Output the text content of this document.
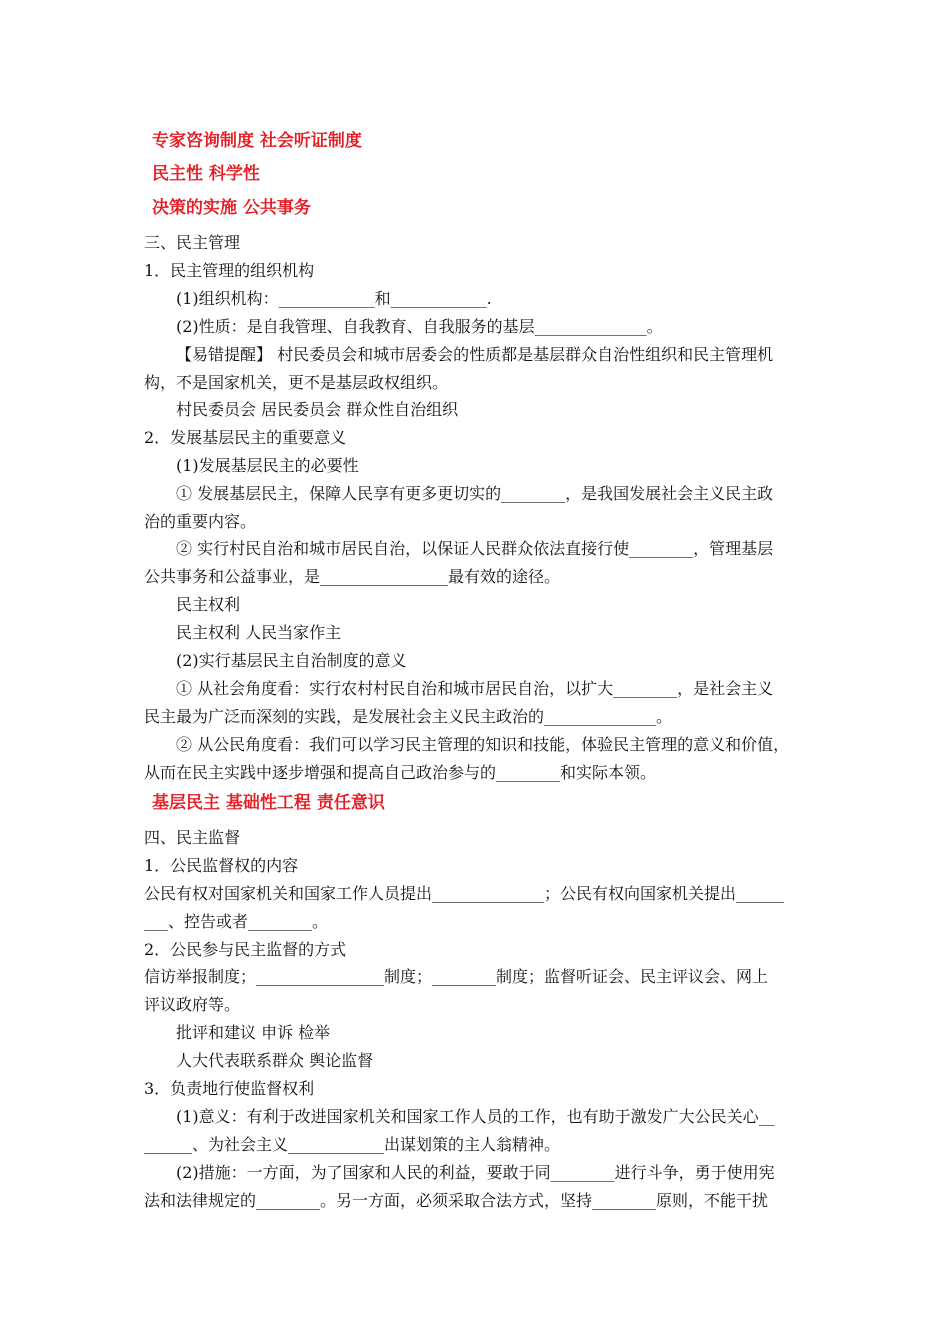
专家咨询制度 社会听证制度
民主性 科学性
决策的实施 公共事务
三、民主管理
1．民主管理的组织机构
(1)组织机构：____________和____________.
(2)性质：是自我管理、自我教育、自我服务的基层______________。
【易错提醒】 村民委员会和城市居委会的性质都是基层群众自治性组织和民主管理机
构，不是国家机关，更不是基层政权组织。
村民委员会 居民委员会 群众性自治组织
2．发展基层民主的重要意义
(1)发展基层民主的必要性
① 发展基层民主，保障人民享有更多更切实的________，是我国发展社会主义民主政
治的重要内容。
② 实行村民自治和城市居民自治，以保证人民群众依法直接行使________，管理基层
公共事务和公益事业，是________________最有效的途径。
民主权利
民主权利 人民当家作主
(2)实行基层民主自治制度的意义
① 从社会角度看：实行农村村民自治和城市居民自治，以扩大________，是社会主义
民主最为广泛而深刻的实践，是发展社会主义民主政治的______________。
② 从公民角度看：我们可以学习民主管理的知识和技能，体验民主管理的意义和价值，
从而在民主实践中逐步增强和提高自己政治参与的________和实际本领。
基层民主 基础性工程 责任意识
四、民主监督
1．公民监督权的内容
公民有权对国家机关和国家工作人员提出______________；公民有权向国家机关提出______
___、控告或者________。
2．公民参与民主监督的方式
信访举报制度；________________制度；________制度；监督听证会、民主评议会、网上
评议政府等。
批评和建议 申诉 检举
人大代表联系群众 舆论监督
3．负责地行使监督权利
(1)意义：有利于改进国家机关和国家工作人员的工作，也有助于激发广大公民关心__
______、为社会主义____________出谋划策的主人翁精神。
(2)措施：一方面，为了国家和人民的利益，要敢于同________进行斗争，勇于使用宪
法和法律规定的________。另一方面，必须采取合法方式，坚持________原则，不能干扰
